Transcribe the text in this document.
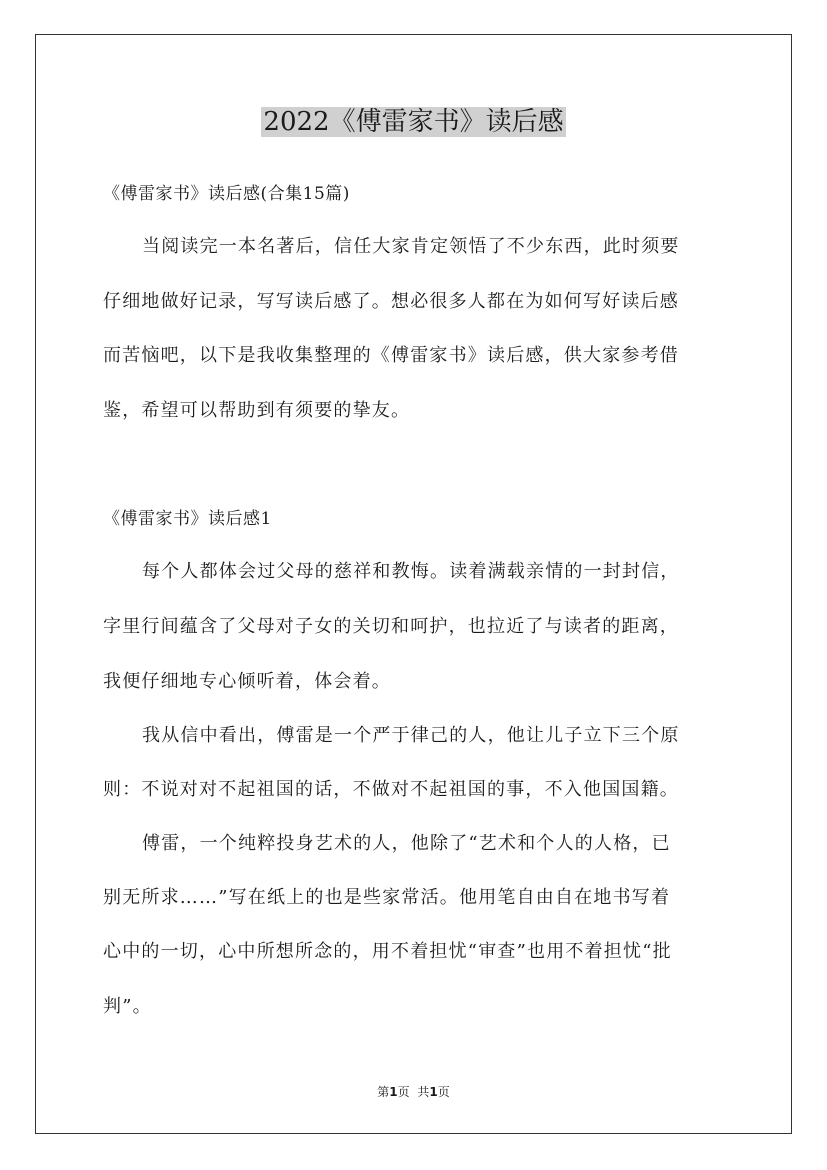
2022《傅雷家书》读后感
《傅雷家书》读后感(合集15篇)
当阅读完一本名著后，信任大家肯定领悟了不少东西，此时须要
仔细地做好记录，写写读后感了。想必很多人都在为如何写好读后感
而苦恼吧，以下是我收集整理的《傅雷家书》读后感，供大家参考借
鉴，希望可以帮助到有须要的挚友。
《傅雷家书》读后感1
每个人都体会过父母的慈祥和教悔。读着满载亲情的一封封信，
字里行间蕴含了父母对子女的关切和呵护，也拉近了与读者的距离，
我便仔细地专心倾听着，体会着。
我从信中看出，傅雷是一个严于律己的人，他让儿子立下三个原
则：不说对对不起祖国的话，不做对不起祖国的事，不入他国国籍。
傅雷，一个纯粹投身艺术的人，他除了“艺术和个人的人格，已
别无所求……”写在纸上的也是些家常活。他用笔自由自在地书写着
心中的一切，心中所想所念的，用不着担忧“审查”也用不着担忧“批
判”。
第1页 共1页
